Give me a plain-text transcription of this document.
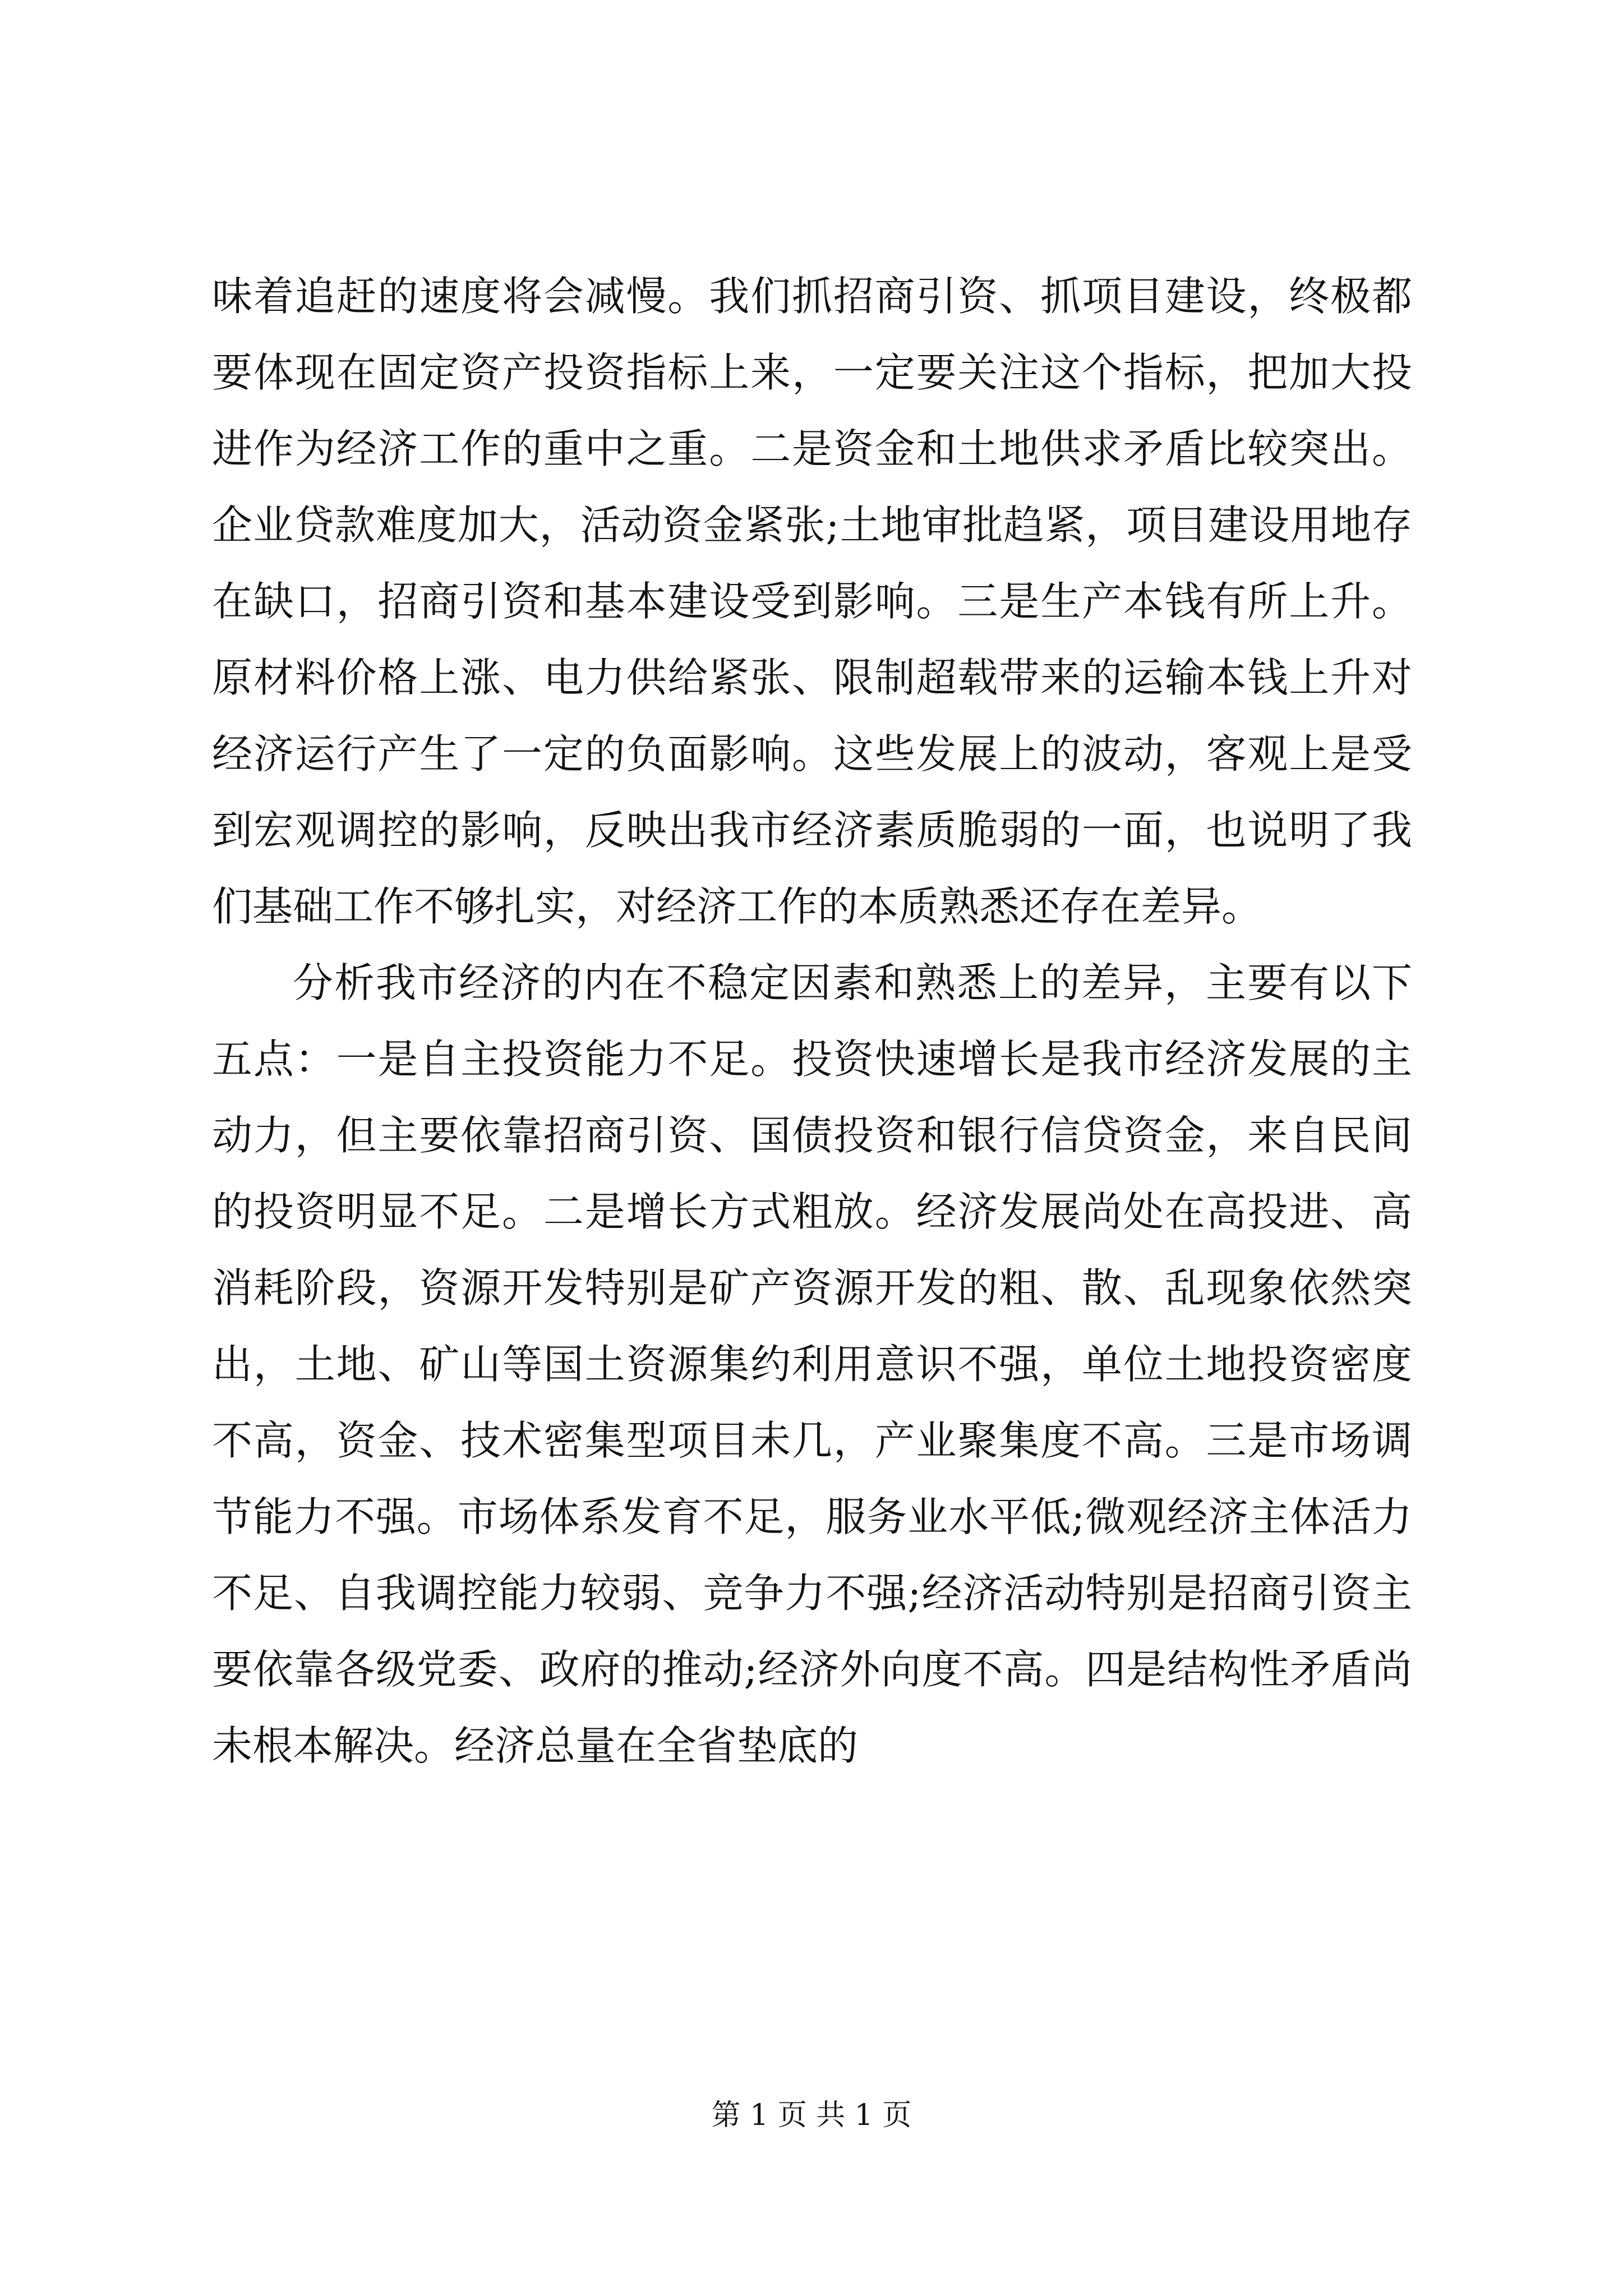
味着追赶的速度将会减慢。我们抓招商引资、抓项目建设，终极都要体现在固定资产投资指标上来，一定要关注这个指标，把加大投进作为经济工作的重中之重。二是资金和土地供求矛盾比较突出。企业贷款难度加大，活动资金紧张;土地审批趋紧，项目建设用地存在缺口，招商引资和基本建设受到影响。三是生产本钱有所上升。原材料价格上涨、电力供给紧张、限制超载带来的运输本钱上升对经济运行产生了一定的负面影响。这些发展上的波动，客观上是受到宏观调控的影响，反映出我市经济素质脆弱的一面，也说明了我们基础工作不够扎实，对经济工作的本质熟悉还存在差异。

分析我市经济的内在不稳定因素和熟悉上的差异，主要有以下五点：一是自主投资能力不足。投资快速增长是我市经济发展的主动力，但主要依靠招商引资、国债投资和银行信贷资金，来自民间的投资明显不足。二是增长方式粗放。经济发展尚处在高投进、高消耗阶段，资源开发特别是矿产资源开发的粗、散、乱现象依然突出，土地、矿山等国土资源集约利用意识不强，单位土地投资密度不高，资金、技术密集型项目未几，产业聚集度不高。三是市场调节能力不强。市场体系发育不足，服务业水平低;微观经济主体活力不足、自我调控能力较弱、竞争力不强;经济活动特别是招商引资主要依靠各级党委、政府的推动;经济外向度不高。四是结构性矛盾尚未根本解决。经济总量在全省垫底的

第 1 页 共 1 页
